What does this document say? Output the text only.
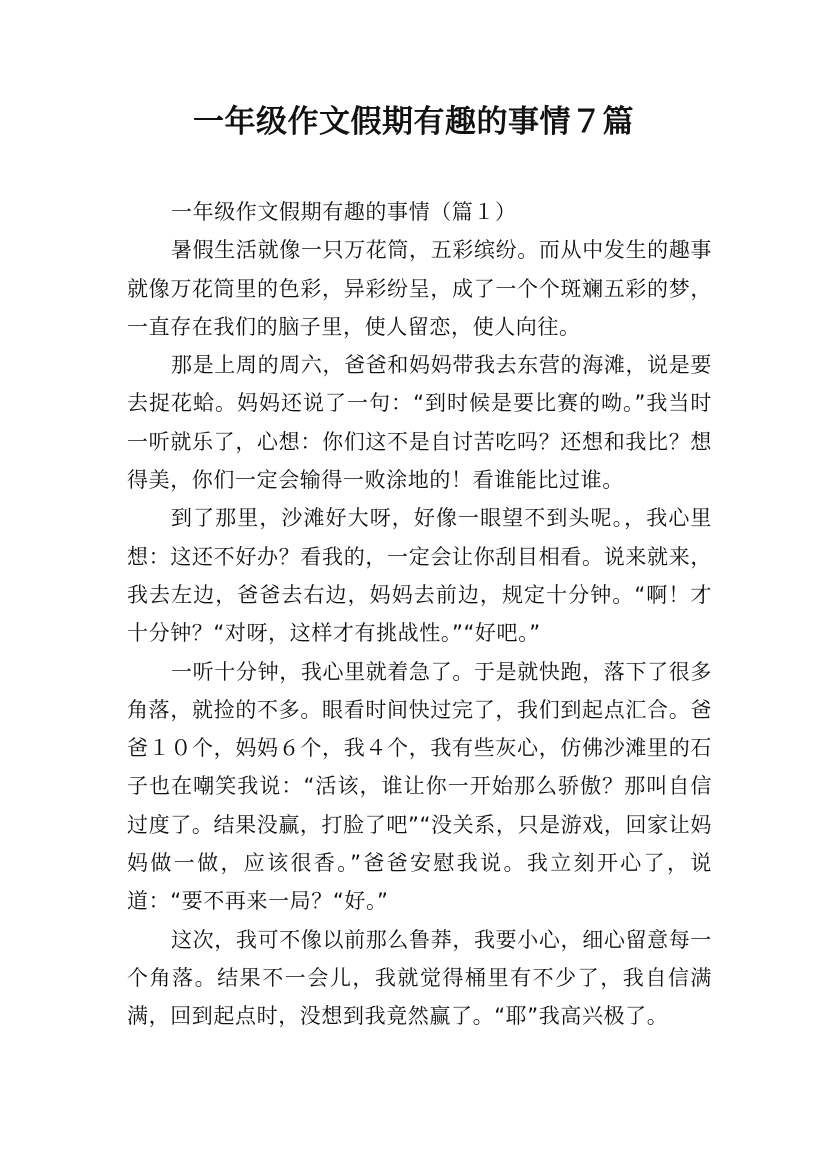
一年级作文假期有趣的事情７篇

一年级作文假期有趣的事情（篇１）

暑假生活就像一只万花筒，五彩缤纷。而从中发生的趣事就像万花筒里的色彩，异彩纷呈，成了一个个斑斓五彩的梦，一直存在我们的脑子里，使人留恋，使人向往。

那是上周的周六，爸爸和妈妈带我去东营的海滩，说是要去捉花蛤。妈妈还说了一句：“到时候是要比赛的呦。”我当时一听就乐了，心想：你们这不是自讨苦吃吗？还想和我比？想得美，你们一定会输得一败涂地的！看谁能比过谁。

到了那里，沙滩好大呀，好像一眼望不到头呢。，我心里想：这还不好办？看我的，一定会让你刮目相看。说来就来，我去左边，爸爸去右边，妈妈去前边，规定十分钟。“啊！才十分钟？“对呀，这样才有挑战性。”“好吧。”

一听十分钟，我心里就着急了。于是就快跑，落下了很多角落，就捡的不多。眼看时间快过完了，我们到起点汇合。爸爸１０个，妈妈６个，我４个，我有些灰心，仿佛沙滩里的石子也在嘲笑我说：“活该，谁让你一开始那么骄傲？那叫自信过度了。结果没赢，打脸了吧”“没关系，只是游戏，回家让妈妈做一做，应该很香。”爸爸安慰我说。我立刻开心了，说道：“要不再来一局？“好。”

这次，我可不像以前那么鲁莽，我要小心，细心留意每一个角落。结果不一会儿，我就觉得桶里有不少了，我自信满满，回到起点时，没想到我竟然赢了。“耶”我高兴极了。
